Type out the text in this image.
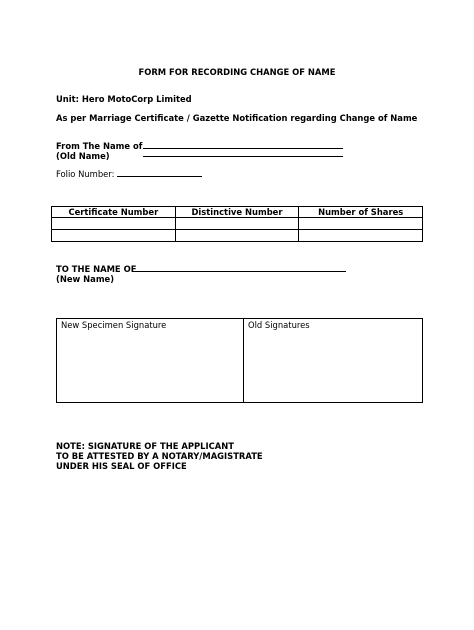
FORM FOR RECORDING CHANGE OF NAME
Unit: Hero MotoCorp Limited
As per Marriage Certificate / Gazette Notification regarding Change of Name
From The Name of
(Old Name)
Folio Number:
Certificate Number	Distinctive Number	Number of Shares

TO THE NAME OF
(New Name)
New Specimen Signature	Old Signatures
NOTE: SIGNATURE OF THE APPLICANT
TO BE ATTESTED BY A NOTARY/MAGISTRATE
UNDER HIS SEAL OF OFFICE
